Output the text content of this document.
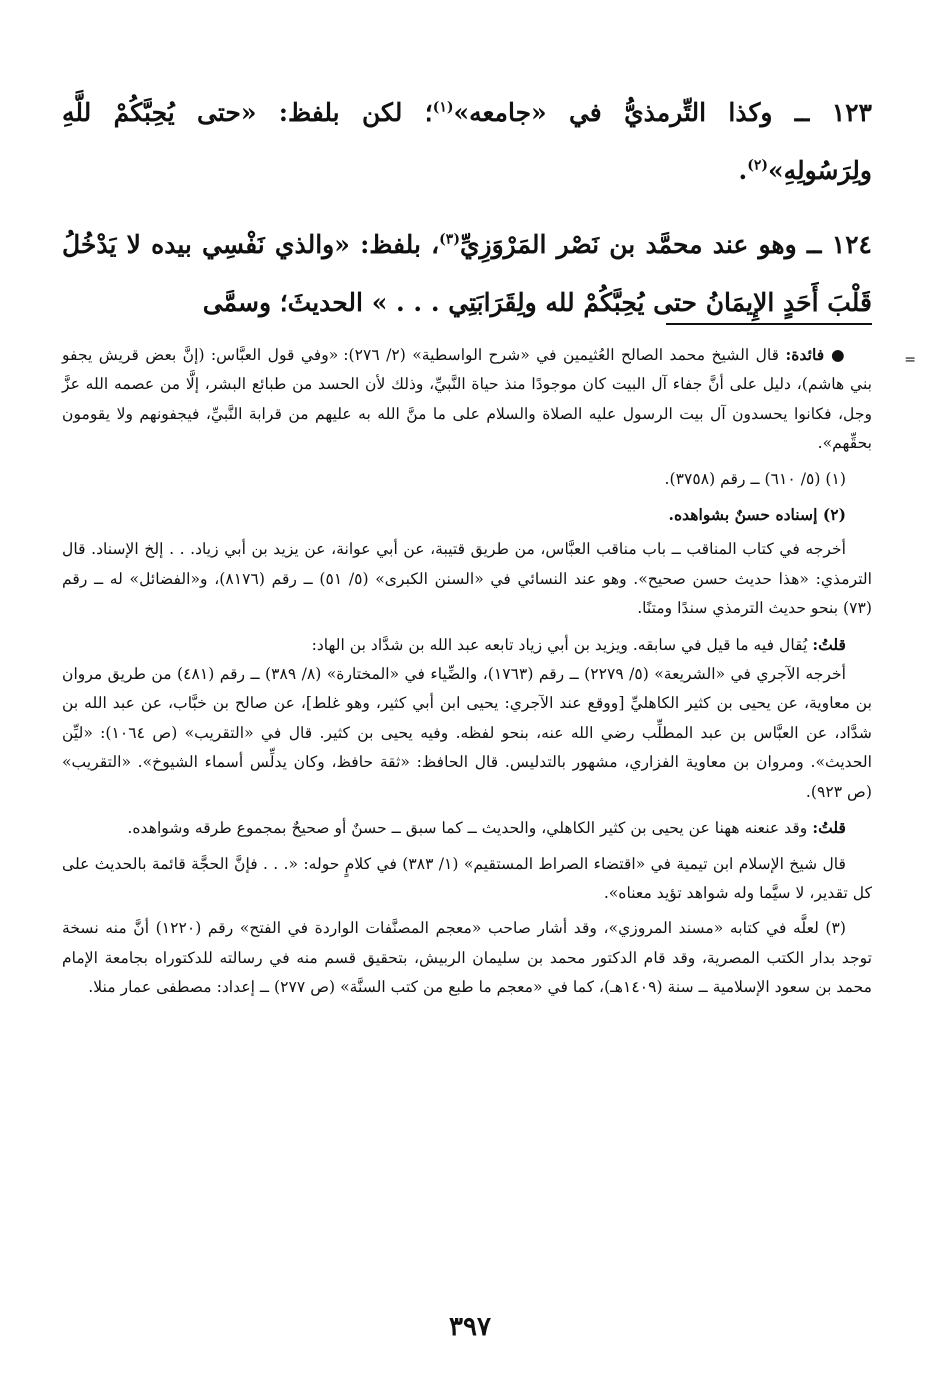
١٢٣ ــ وكذا التِّرمذيُّ في «جامعه»$^{(١)}$؛ لكن بلفظ: «حتى يُحِبَّكُمْ للَّهِ ولِرَسُولِهِ»$^{(٢)}$.

١٢٤ ــ وهو عند محمَّد بن نَصْر المَرْوَزِيِّ$^{(٣)}$، بلفظ: «والذي نَفْسِي بيده لا يَدْخُلُ قَلْبَ أَحَدٍ الإِيمَانُ حتى يُحِبَّكُمْ لله ولِقَرَابَتِي . . . » الحديثَ؛ وسمَّى

=

● فائدة: قال الشيخ محمد الصالح العُثيمين في «شرح الواسطية» (٢/ ٢٧٦): «وفي قول العبَّاس: (إنَّ بعض قريش يجفو بني هاشم)، دليل على أنَّ جفاء آل البيت كان موجودًا منذ حياة النَّبيِّ، وذلك لأن الحسد من طبائع البشر، إلَّا من عصمه الله عزَّ وجل، فكانوا يحسدون آل بيت الرسول عليه الصلاة والسلام على ما منَّ الله به عليهم من قرابة النَّبيِّ، فيجفونهم ولا يقومون بحقِّهم».

(١) (٥/ ٦١٠) ــ رقم (٣٧٥٨).

(٢) إسناده حسنٌ بشواهده.

أخرجه في كتاب المناقب ــ باب مناقب العبَّاس، من طريق قتيبة، عن أبي عوانة، عن يزيد بن أبي زياد. . . إلخ الإسناد. قال الترمذي: «هذا حديث حسن صحيح». وهو عند النسائي في «السنن الكبرى» (٥/ ٥١) ــ رقم (٨١٧٦)، و«الفضائل» له ــ رقم (٧٣) بنحو حديث الترمذي سندًا ومتنًا.

قلتُ: يُقال فيه ما قيل في سابقه. ويزيد بن أبي زياد تابعه عبد الله بن شدَّاد بن الهاد:

أخرجه الآجري في «الشريعة» (٥/ ٢٢٧٩) ــ رقم (١٧٦٣)، والضِّياء في «المختارة» (٨/ ٣٨٩) ــ رقم (٤٨١) من طريق مروان بن معاوية، عن يحيى بن كثير الكاهليِّ [ووقع عند الآجري: يحيى ابن أبي كثير، وهو غلط]، عن صالح بن خبَّاب، عن عبد الله بن شدَّاد، عن العبَّاس بن عبد المطلِّب رضي الله عنه، بنحو لفظه. وفيه يحيى بن كثير. قال في «التقريب» (ص ١٠٦٤): «ليِّن الحديث». ومروان بن معاوية الفزاري، مشهور بالتدليس. قال الحافظ: «ثقة حافظ، وكان يدلِّس أسماء الشيوخ». «التقريب» (ص ٩٢٣).

قلتُ: وقد عنعنه ههنا عن يحيى بن كثير الكاهلي، والحديث ــ كما سبق ــ حسنٌ أو صحيحٌ بمجموع طرقه وشواهده.

قال شيخ الإسلام ابن تيمية في «اقتضاء الصراط المستقيم» (١/ ٣٨٣) في كلامٍ حوله: «. . . فإنَّ الحجَّة قائمة بالحديث على كل تقدير، لا سيَّما وله شواهد تؤيد معناه».

(٣) لعلَّه في كتابه «مسند المروزي»، وقد أشار صاحب «معجم المصنَّفات الواردة في الفتح» رقم (١٢٢٠) أنَّ منه نسخة توجد بدار الكتب المصرية، وقد قام الدكتور محمد بن سليمان الربيش، بتحقيق قسم منه في رسالته للدكتوراه بجامعة الإمام محمد بن سعود الإسلامية ــ سنة (١٤٠٩هـ)، كما في «معجم ما طبع من كتب السنَّة» (ص ٢٧٧) ــ إعداد: مصطفى عمار منلا.

٣٩٧
